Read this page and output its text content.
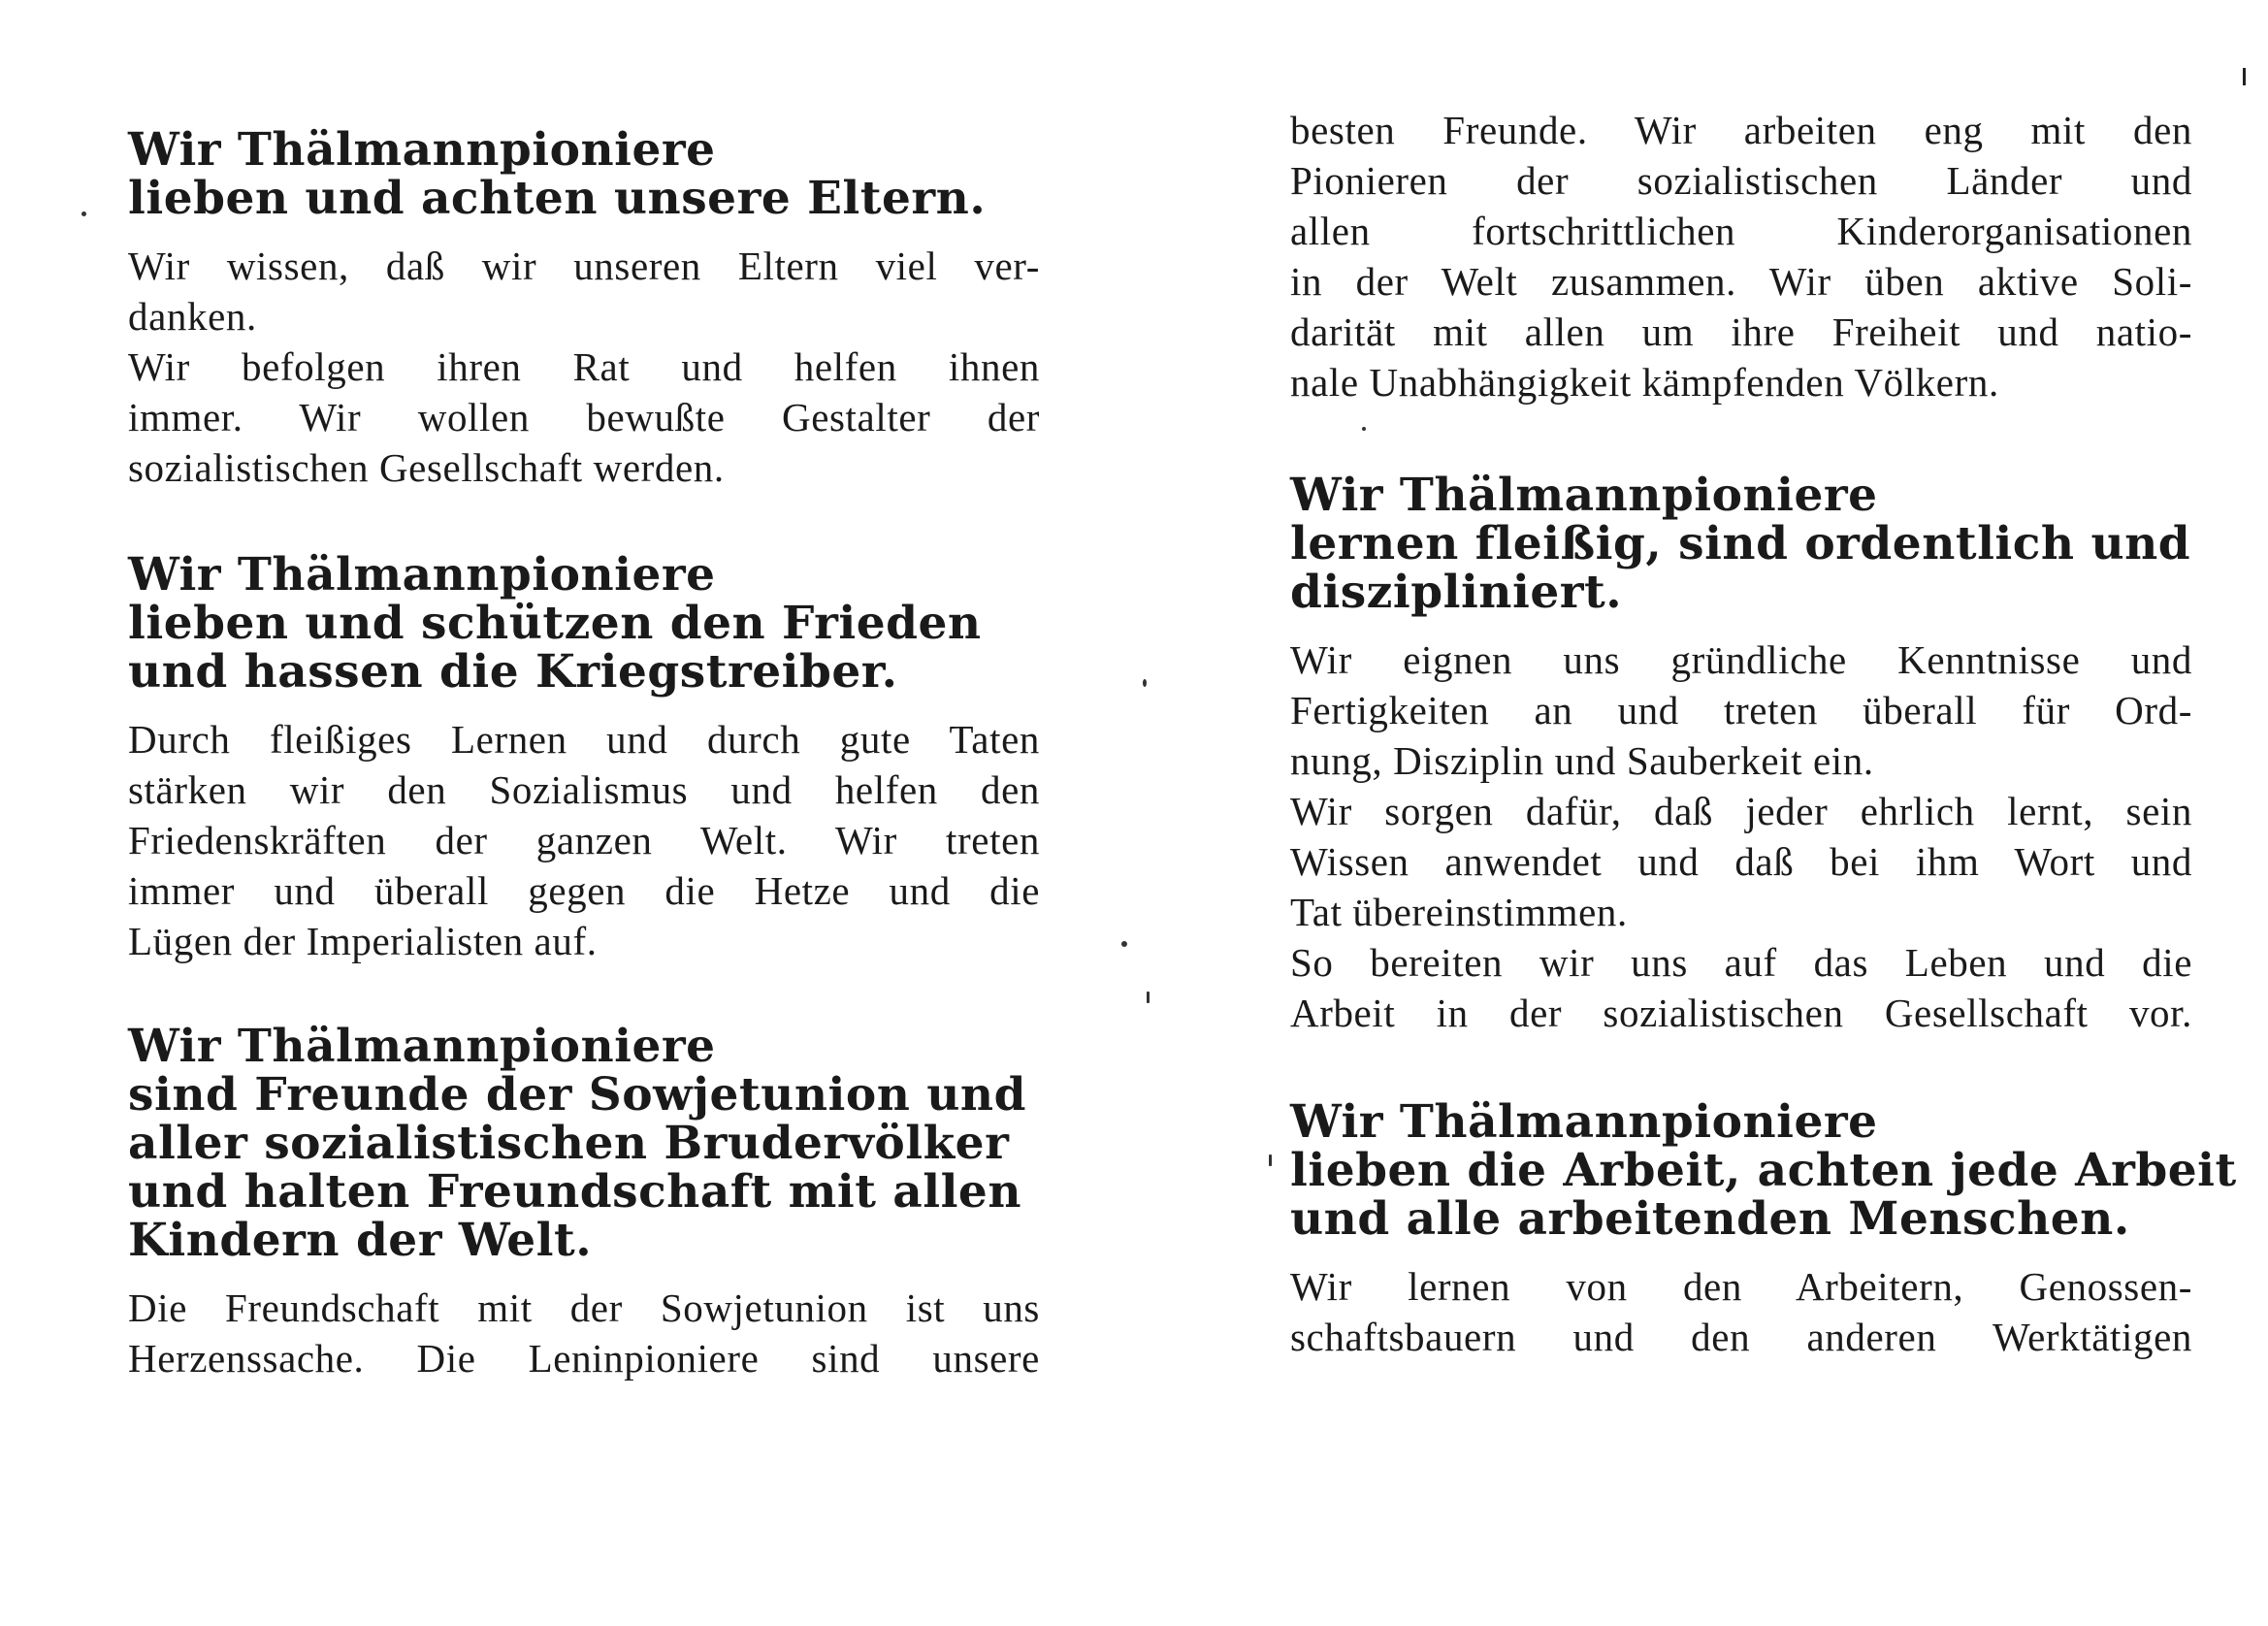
Wir Thälmannpioniere
lieben und achten unsere Eltern.

Wir wissen, daß wir unseren Eltern viel ver-
danken.
Wir befolgen ihren Rat und helfen ihnen
immer. Wir wollen bewußte Gestalter der
sozialistischen Gesellschaft werden.

Wir Thälmannpioniere
lieben und schützen den Frieden
und hassen die Kriegstreiber.

Durch fleißiges Lernen und durch gute Taten
stärken wir den Sozialismus und helfen den
Friedenskräften der ganzen Welt. Wir treten
immer und überall gegen die Hetze und die
Lügen der Imperialisten auf.

Wir Thälmannpioniere
sind Freunde der Sowjetunion und
aller sozialistischen Brudervölker
und halten Freundschaft mit allen
Kindern der Welt.

Die Freundschaft mit der Sowjetunion ist uns
Herzenssache. Die Leninpioniere sind unsere

besten Freunde. Wir arbeiten eng mit den
Pionieren der sozialistischen Länder und
allen fortschrittlichen Kinderorganisationen
in der Welt zusammen. Wir üben aktive Soli-
darität mit allen um ihre Freiheit und natio-
nale Unabhängigkeit kämpfenden Völkern.

Wir Thälmannpioniere
lernen fleißig, sind ordentlich und
diszipliniert.

Wir eignen uns gründliche Kenntnisse und
Fertigkeiten an und treten überall für Ord-
nung, Disziplin und Sauberkeit ein.
Wir sorgen dafür, daß jeder ehrlich lernt, sein
Wissen anwendet und daß bei ihm Wort und
Tat übereinstimmen.
So bereiten wir uns auf das Leben und die
Arbeit in der sozialistischen Gesellschaft vor.

Wir Thälmannpioniere
lieben die Arbeit, achten jede Arbeit
und alle arbeitenden Menschen.

Wir lernen von den Arbeitern, Genossen-
schaftsbauern und den anderen Werktätigen
